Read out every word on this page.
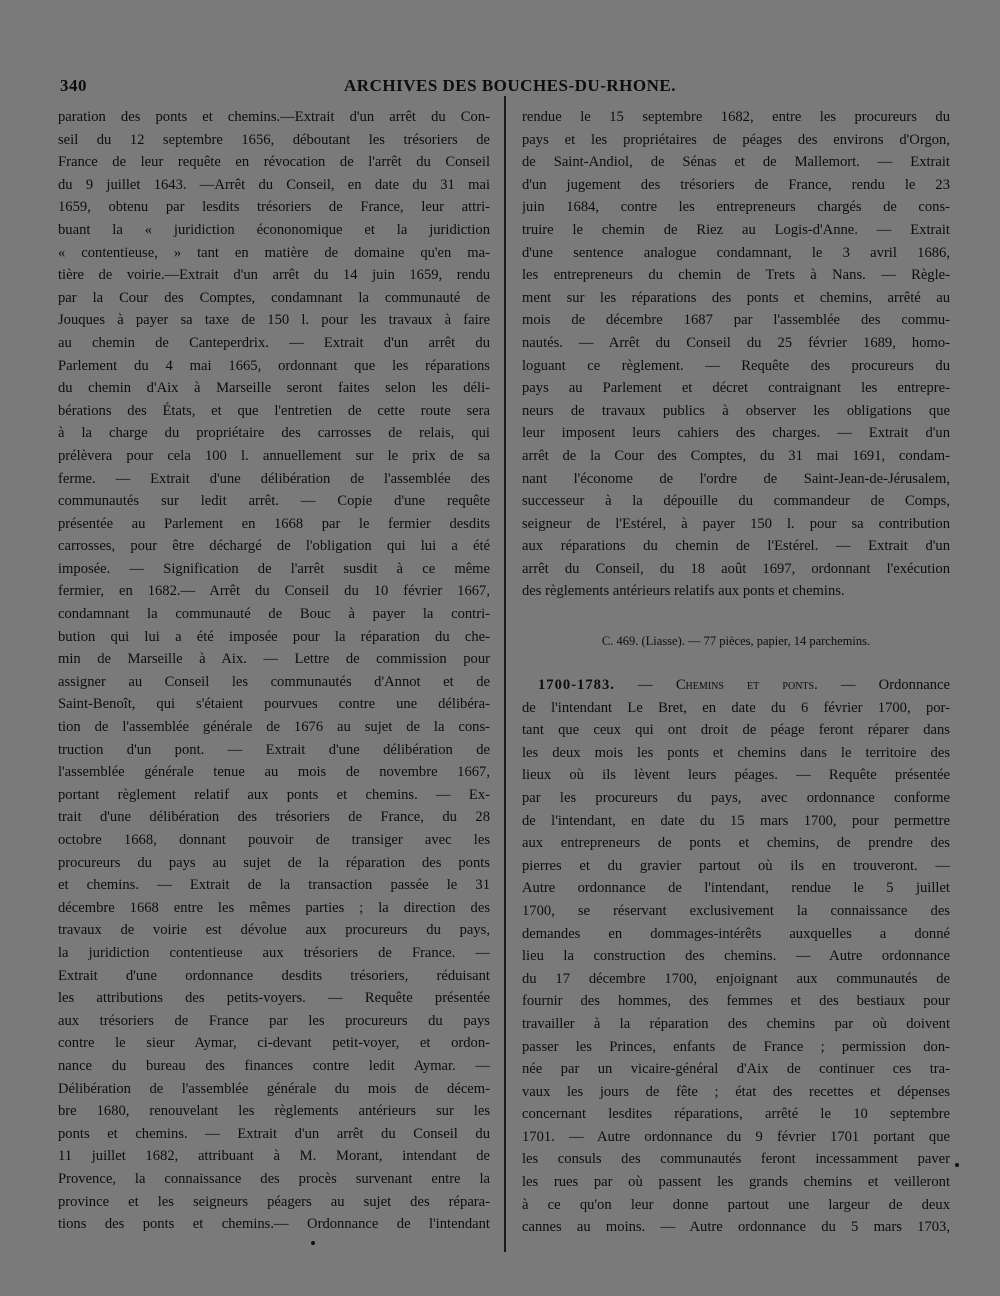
340	ARCHIVES DES BOUCHES-DU-RHONE.
paration des ponts et chemins.—Extrait d'un arrêt du Con-
seil du 12 septembre 1656, déboutant les trésoriers de
France de leur requête en révocation de l'arrêt du Conseil
du 9 juillet 1643. —Arrêt du Conseil, en date du 31 mai
1659, obtenu par lesdits trésoriers de France, leur attri-
buant la « juridiction écononomique et la juridiction
« contentieuse, » tant en matière de domaine qu'en ma-
tière de voirie.—Extrait d'un arrêt du 14 juin 1659, rendu
par la Cour des Comptes, condamnant la communauté de
Jouques à payer sa taxe de 150 l. pour les travaux à faire
au chemin de Canteperdrix. — Extrait d'un arrêt du
Parlement du 4 mai 1665, ordonnant que les réparations
du chemin d'Aix à Marseille seront faites selon les déli-
bérations des États, et que l'entretien de cette route sera
à la charge du propriétaire des carrosses de relais, qui
prélèvera pour cela 100 l. annuellement sur le prix de sa
ferme. — Extrait d'une délibération de l'assemblée des
communautés sur ledit arrêt. — Copie d'une requête
présentée au Parlement en 1668 par le fermier desdits
carrosses, pour être déchargé de l'obligation qui lui a été
imposée. — Signification de l'arrêt susdit à ce même
fermier, en 1682.— Arrêt du Conseil du 10 février 1667,
condamnant la communauté de Bouc à payer la contri-
bution qui lui a été imposée pour la réparation du che-
min de Marseille à Aix. — Lettre de commission pour
assigner au Conseil les communautés d'Annot et de
Saint-Benoît, qui s'étaient pourvues contre une délibéra-
tion de l'assemblée générale de 1676 au sujet de la cons-
truction d'un pont. — Extrait d'une délibération de
l'assemblée générale tenue au mois de novembre 1667,
portant règlement relatif aux ponts et chemins. — Ex-
trait d'une délibération des trésoriers de France, du 28
octobre 1668, donnant pouvoir de transiger avec les
procureurs du pays au sujet de la réparation des ponts
et chemins. — Extrait de la transaction passée le 31
décembre 1668 entre les mêmes parties ; la direction des
travaux de voirie est dévolue aux procureurs du pays,
la juridiction contentieuse aux trésoriers de France. —
Extrait d'une ordonnance desdits trésoriers, réduisant
les attributions des petits-voyers. — Requête présentée
aux trésoriers de France par les procureurs du pays
contre le sieur Aymar, ci-devant petit-voyer, et ordon-
nance du bureau des finances contre ledit Aymar. —
Délibération de l'assemblée générale du mois de décem-
bre 1680, renouvelant les règlements antérieurs sur les
ponts et chemins. — Extrait d'un arrêt du Conseil du
11 juillet 1682, attribuant à M. Morant, intendant de
Provence, la connaissance des procès survenant entre la
province et les seigneurs péagers au sujet des répara-
tions des ponts et chemins.— Ordonnance de l'intendant
rendue le 15 septembre 1682, entre les procureurs du
pays et les propriétaires de péages des environs d'Orgon,
de Saint-Andiol, de Sénas et de Mallemort. — Extrait
d'un jugement des trésoriers de France, rendu le 23
juin 1684, contre les entrepreneurs chargés de cons-
truire le chemin de Riez au Logis-d'Anne. — Extrait
d'une sentence analogue condamnant, le 3 avril 1686,
les entrepreneurs du chemin de Trets à Nans. — Règle-
ment sur les réparations des ponts et chemins, arrêté au
mois de décembre 1687 par l'assemblée des commu-
nautés. — Arrêt du Conseil du 25 février 1689, homo-
loguant ce règlement. — Requête des procureurs du
pays au Parlement et décret contraignant les entrepre-
neurs de travaux publics à observer les obligations que
leur imposent leurs cahiers des charges. — Extrait d'un
arrêt de la Cour des Comptes, du 31 mai 1691, condam-
nant l'économe de l'ordre de Saint-Jean-de-Jérusalem,
successeur à la dépouille du commandeur de Comps,
seigneur de l'Estérel, à payer 150 l. pour sa contribution
aux réparations du chemin de l'Estérel. — Extrait d'un
arrêt du Conseil, du 18 août 1697, ordonnant l'exécution
des règlements antérieurs relatifs aux ponts et chemins.
C. 469. (Liasse). — 77 pièces, papier, 14 parchemins.
1700-1783. — Chemins et ponts. — Ordonnance
de l'intendant Le Bret, en date du 6 février 1700, por-
tant que ceux qui ont droit de péage feront réparer dans
les deux mois les ponts et chemins dans le territoire des
lieux où ils lèvent leurs péages. — Requête présentée
par les procureurs du pays, avec ordonnance conforme
de l'intendant, en date du 15 mars 1700, pour permettre
aux entrepreneurs de ponts et chemins, de prendre des
pierres et du gravier partout où ils en trouveront. —
Autre ordonnance de l'intendant, rendue le 5 juillet
1700, se réservant exclusivement la connaissance des
demandes en dommages-intérêts auxquelles a donné
lieu la construction des chemins. — Autre ordonnance
du 17 décembre 1700, enjoignant aux communautés de
fournir des hommes, des femmes et des bestiaux pour
travailler à la réparation des chemins par où doivent
passer les Princes, enfants de France ; permission don-
née par un vicaire-général d'Aix de continuer ces tra-
vaux les jours de fête ; état des recettes et dépenses
concernant lesdites réparations, arrêté le 10 septembre
1701. — Autre ordonnance du 9 février 1701 portant que
les consuls des communautés feront incessamment paver
les rues par où passent les grands chemins et veilleront
à ce qu'on leur donne partout une largeur de deux
cannes au moins. — Autre ordonnance du 5 mars 1703,
